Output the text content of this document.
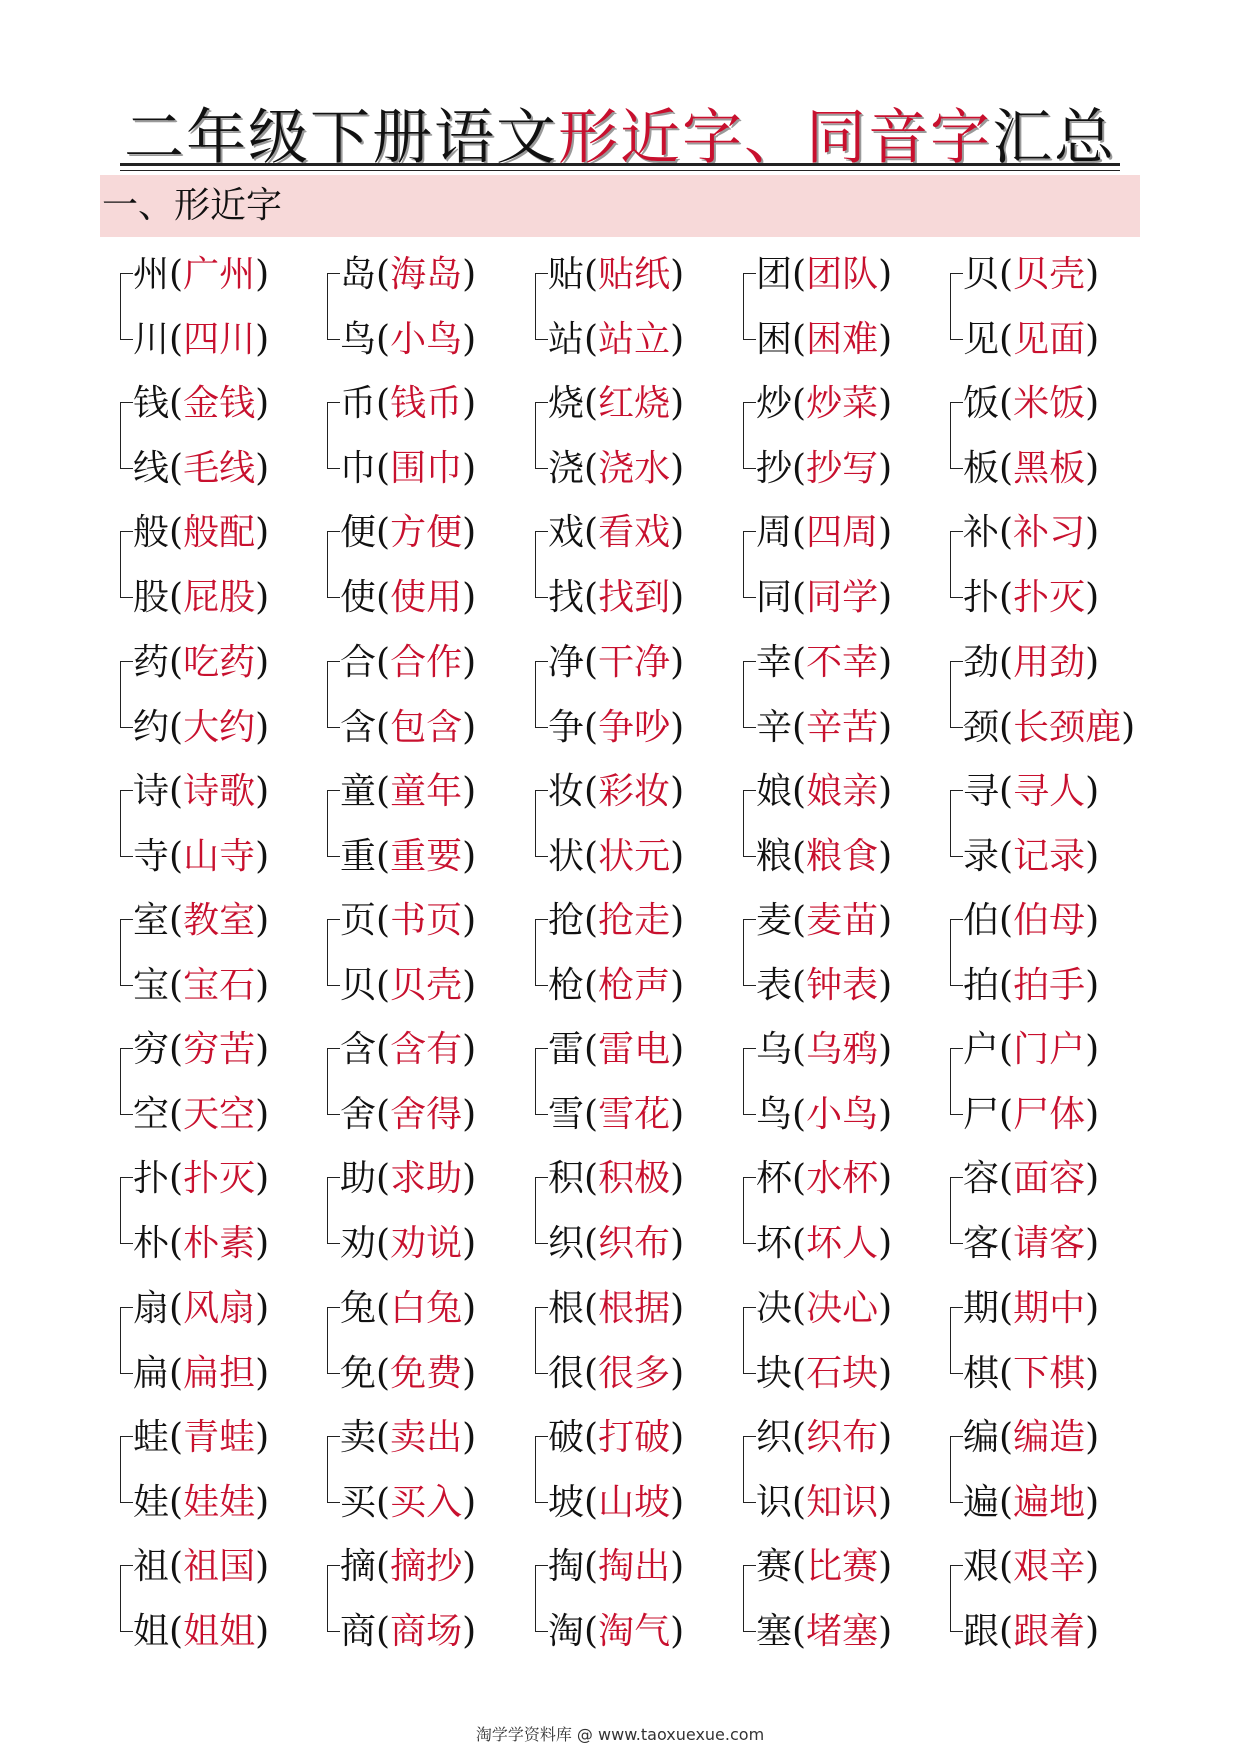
二年级下册语文形近字、同音字汇总
一、形近字
州(广州)
川(四川)
钱(金钱)
线(毛线)
般(般配)
股(屁股)
药(吃药)
约(大约)
诗(诗歌)
寺(山寺)
室(教室)
宝(宝石)
穷(穷苦)
空(天空)
扑(扑灭)
朴(朴素)
扇(风扇)
扁(扁担)
蛙(青蛙)
娃(娃娃)
祖(祖国)
姐(姐姐)
岛(海岛)
鸟(小鸟)
币(钱币)
巾(围巾)
便(方便)
使(使用)
合(合作)
含(包含)
童(童年)
重(重要)
页(书页)
贝(贝壳)
含(含有)
舍(舍得)
助(求助)
劝(劝说)
兔(白兔)
免(免费)
卖(卖出)
买(买入)
摘(摘抄)
商(商场)
贴(贴纸)
站(站立)
烧(红烧)
浇(浇水)
戏(看戏)
找(找到)
净(干净)
争(争吵)
妆(彩妆)
状(状元)
抢(抢走)
枪(枪声)
雷(雷电)
雪(雪花)
积(积极)
织(织布)
根(根据)
很(很多)
破(打破)
坡(山坡)
掏(掏出)
淘(淘气)
团(团队)
困(困难)
炒(炒菜)
抄(抄写)
周(四周)
同(同学)
幸(不幸)
辛(辛苦)
娘(娘亲)
粮(粮食)
麦(麦苗)
表(钟表)
乌(乌鸦)
鸟(小鸟)
杯(水杯)
坏(坏人)
决(决心)
块(石块)
织(织布)
识(知识)
赛(比赛)
塞(堵塞)
贝(贝壳)
见(见面)
饭(米饭)
板(黑板)
补(补习)
扑(扑灭)
劲(用劲)
颈(长颈鹿)
寻(寻人)
录(记录)
伯(伯母)
拍(拍手)
户(门户)
尸(尸体)
容(面容)
客(请客)
期(期中)
棋(下棋)
编(编造)
遍(遍地)
艰(艰辛)
跟(跟着)
淘学学资料库 @ www.taoxuexue.com
